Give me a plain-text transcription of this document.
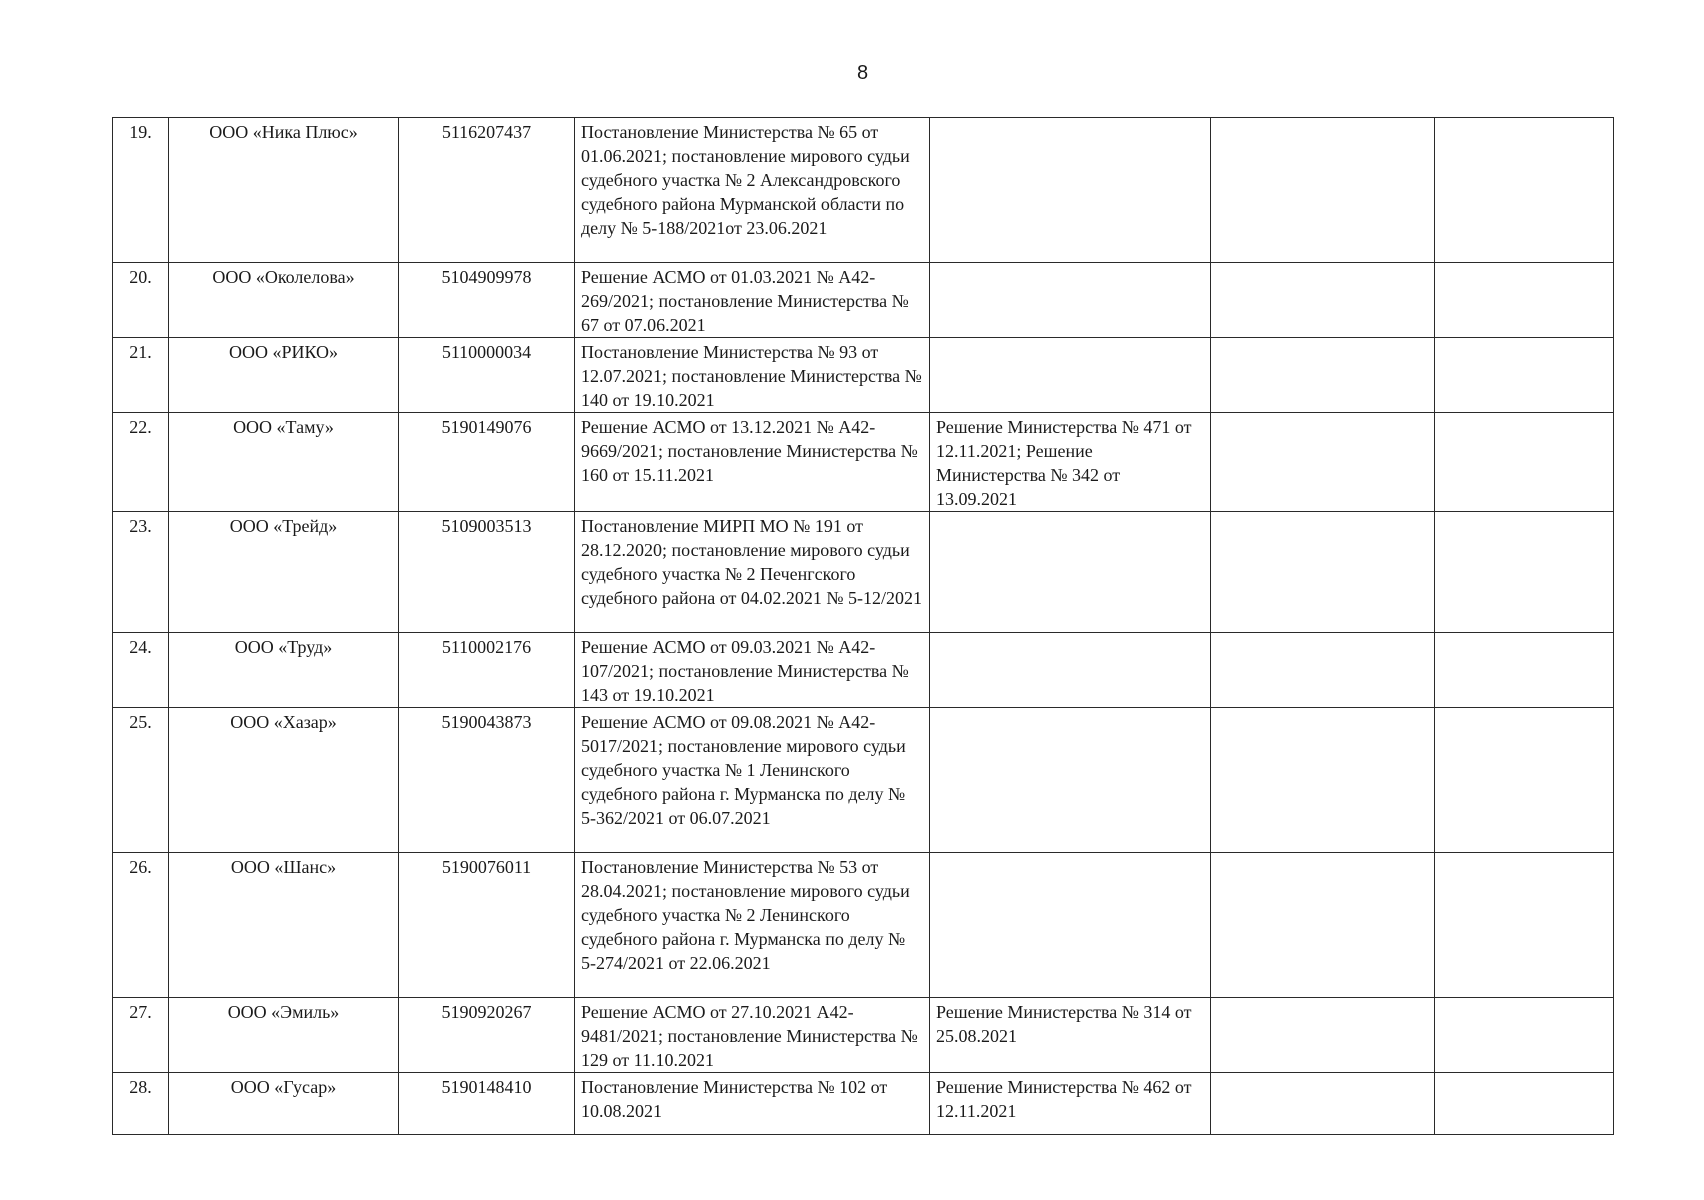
8
19.	ООО «Ника Плюс»	5116207437	Постановление Министерства № 65 от 01.06.2021; постановление мирового судьи судебного участка № 2 Александровского судебного района Мурманской области по делу № 5-188/2021от 23.06.2021			
20.	ООО «Околелова»	5104909978	Решение АСМО от 01.03.2021 № А42-269/2021; постановление Министерства № 67 от 07.06.2021			
21.	ООО «РИКО»	5110000034	Постановление Министерства № 93 от 12.07.2021; постановление Министерства № 140 от 19.10.2021			
22.	ООО «Таму»	5190149076	Решение АСМО от 13.12.2021 № А42-9669/2021; постановление Министерства № 160 от 15.11.2021	Решение Министерства № 471 от 12.11.2021; Решение Министерства № 342 от 13.09.2021		
23.	ООО «Трейд»	5109003513	Постановление МИРП МО № 191 от 28.12.2020; постановление мирового судьи судебного участка № 2 Печенгского судебного района от 04.02.2021 № 5-12/2021			
24.	ООО «Труд»	5110002176	Решение АСМО от 09.03.2021 № А42-107/2021; постановление Министерства № 143 от 19.10.2021			
25.	ООО «Хазар»	5190043873	Решение АСМО от 09.08.2021 № А42-5017/2021; постановление мирового судьи судебного участка № 1 Ленинского судебного района г. Мурманска по делу № 5-362/2021 от 06.07.2021			
26.	ООО «Шанс»	5190076011	Постановление Министерства № 53 от 28.04.2021; постановление мирового судьи судебного участка № 2 Ленинского судебного района г. Мурманска по делу № 5-274/2021 от 22.06.2021			
27.	ООО «Эмиль»	5190920267	Решение АСМО от 27.10.2021 А42-9481/2021; постановление Министерства № 129 от 11.10.2021	Решение Министерства № 314 от 25.08.2021		
28.	ООО «Гусар»	5190148410	Постановление Министерства № 102 от 10.08.2021	Решение Министерства № 462 от 12.11.2021		
